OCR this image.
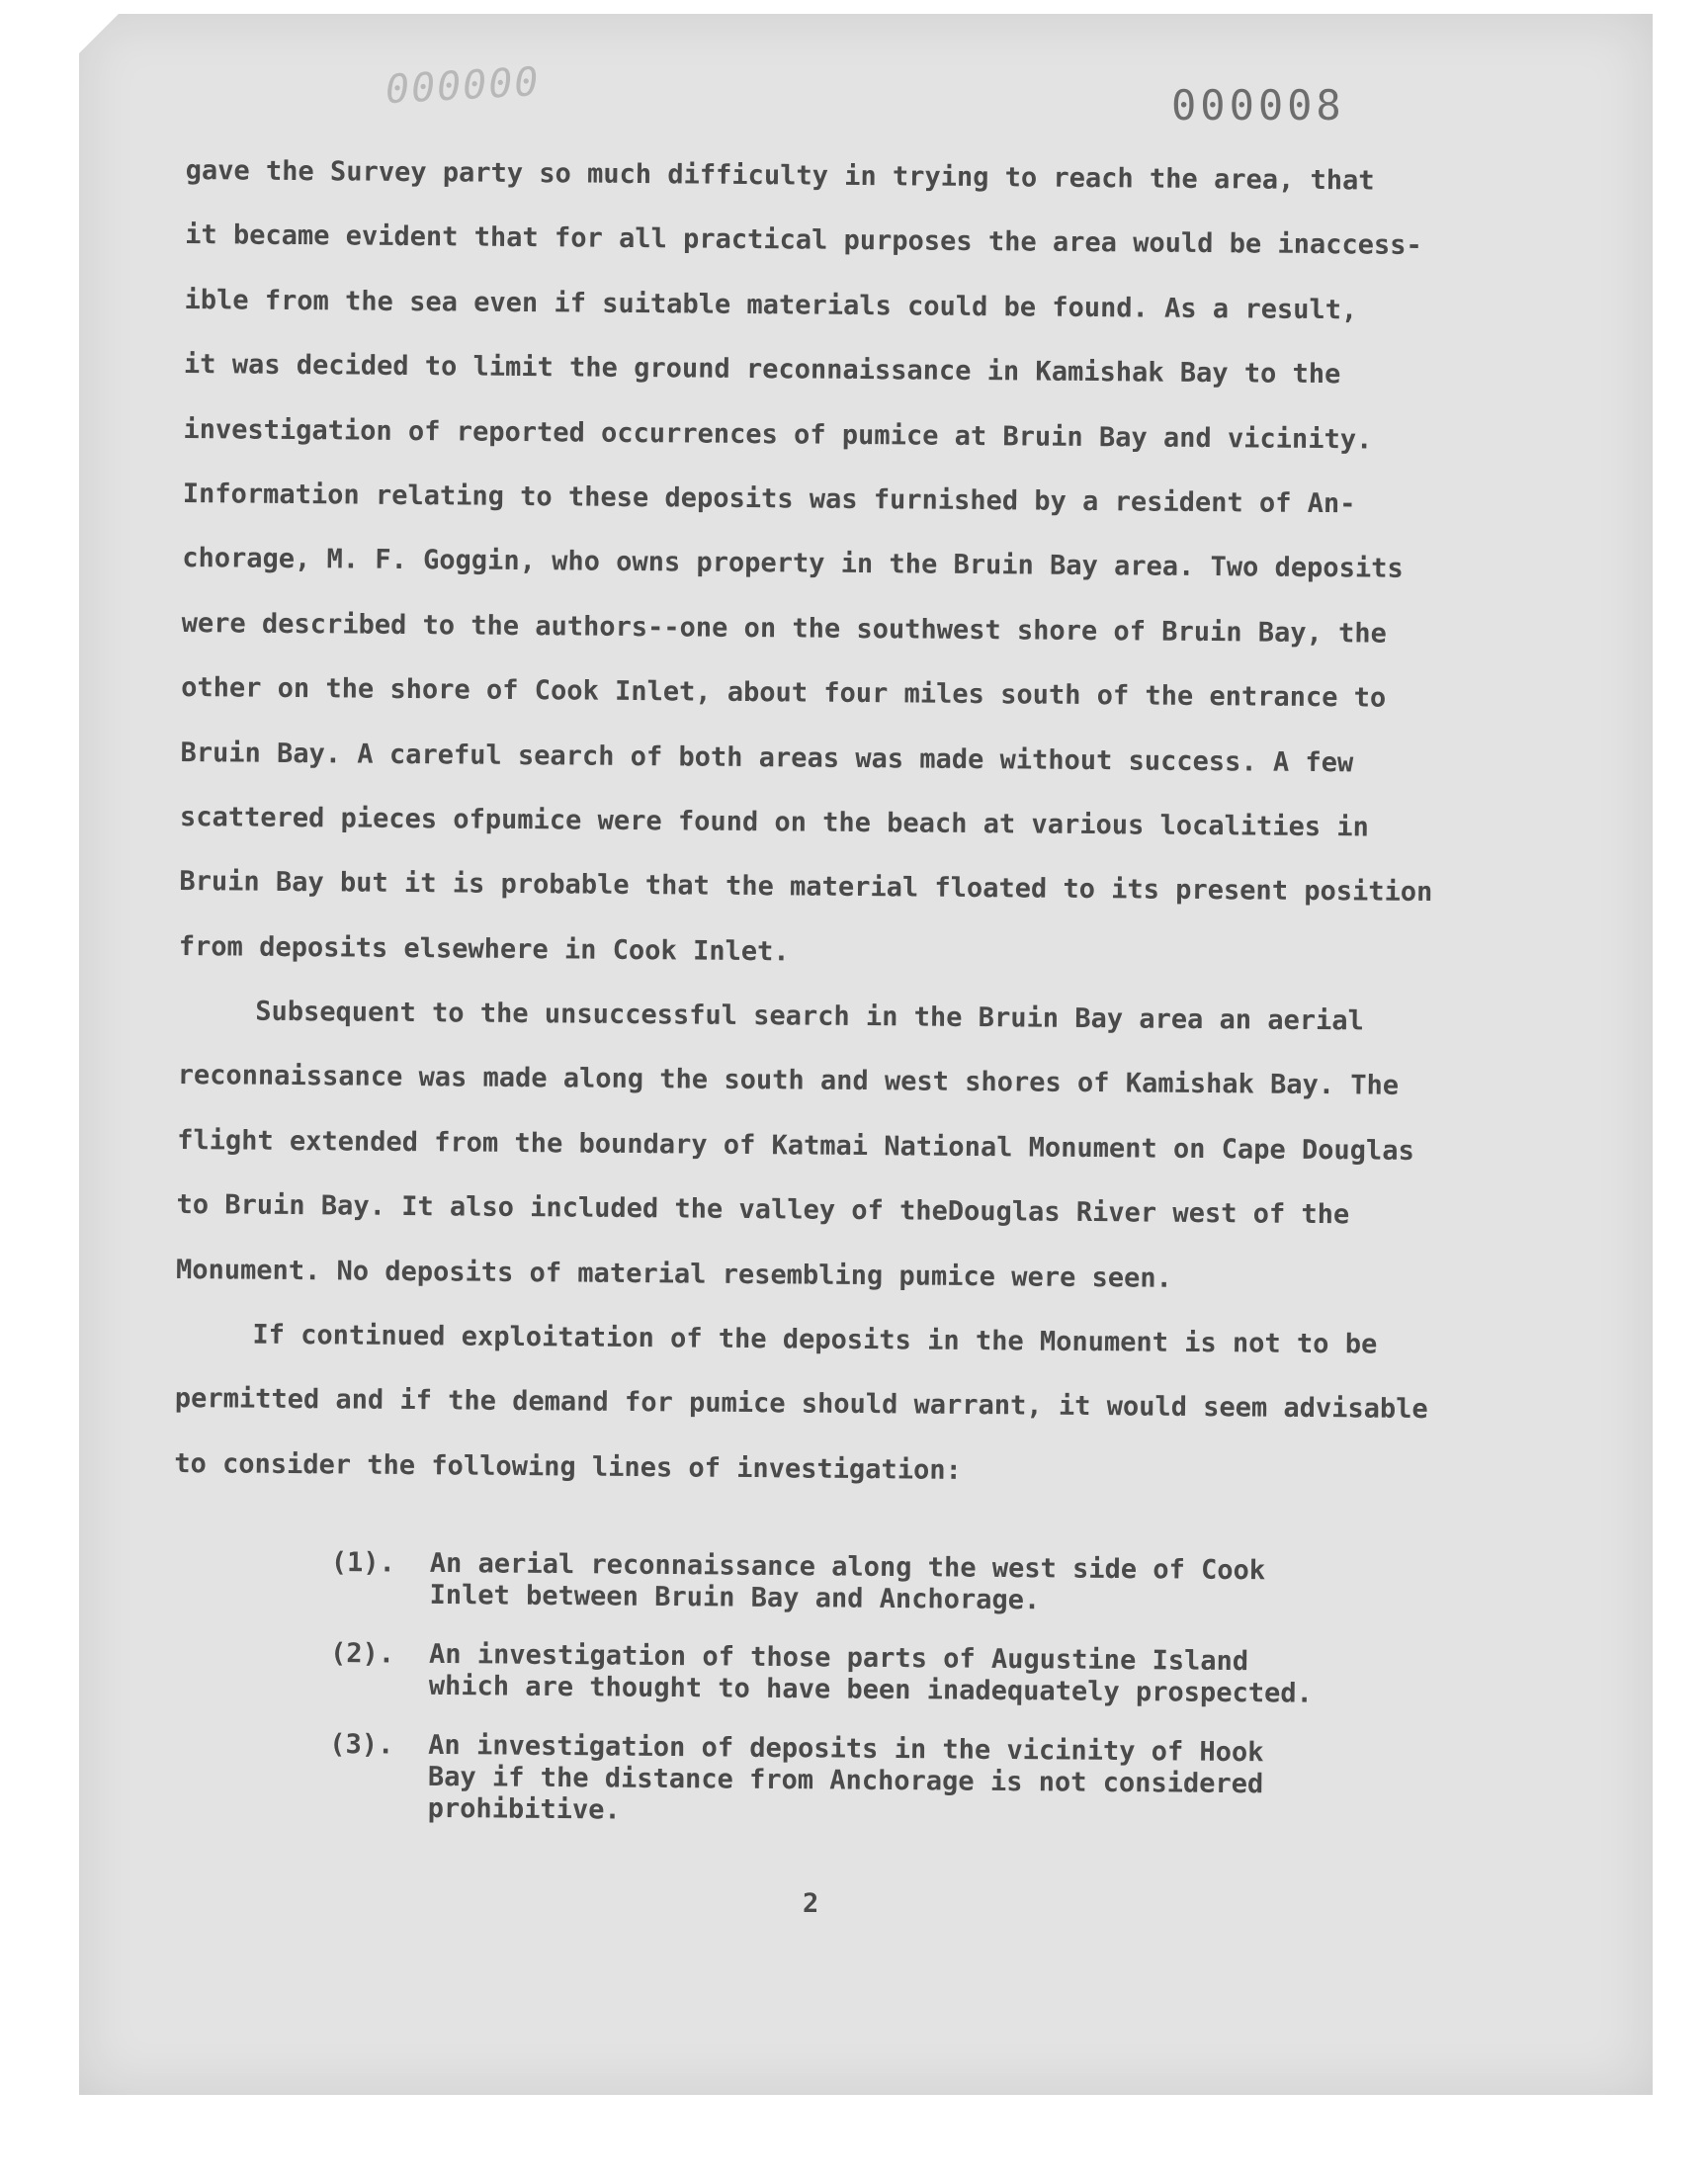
000000	000008
gave the Survey party so much difficulty in trying to reach the area, that
it became evident that for all practical purposes the area would be inaccess-
ible from the sea even if suitable materials could be found. As a result,
it was decided to limit the ground reconnaissance in Kamishak Bay to the
investigation of reported occurrences of pumice at Bruin Bay and vicinity.
Information relating to these deposits was furnished by a resident of An-
chorage, M. F. Goggin, who owns property in the Bruin Bay area. Two deposits
were described to the authors--one on the southwest shore of Bruin Bay, the
other on the shore of Cook Inlet, about four miles south of the entrance to
Bruin Bay. A careful search of both areas was made without success. A few
scattered pieces ofpumice were found on the beach at various localities in
Bruin Bay but it is probable that the material floated to its present position
from deposits elsewhere in Cook Inlet.
Subsequent to the unsuccessful search in the Bruin Bay area an aerial
reconnaissance was made along the south and west shores of Kamishak Bay. The
flight extended from the boundary of Katmai National Monument on Cape Douglas
to Bruin Bay. It also included the valley of theDouglas River west of the
Monument. No deposits of material resembling pumice were seen.
If continued exploitation of the deposits in the Monument is not to be
permitted and if the demand for pumice should warrant, it would seem advisable
to consider the following lines of investigation:
(1). An aerial reconnaissance along the west side of Cook
Inlet between Bruin Bay and Anchorage.
(2). An investigation of those parts of Augustine Island
which are thought to have been inadequately prospected.
(3). An investigation of deposits in the vicinity of Hook
Bay if the distance from Anchorage is not considered
prohibitive.
2
